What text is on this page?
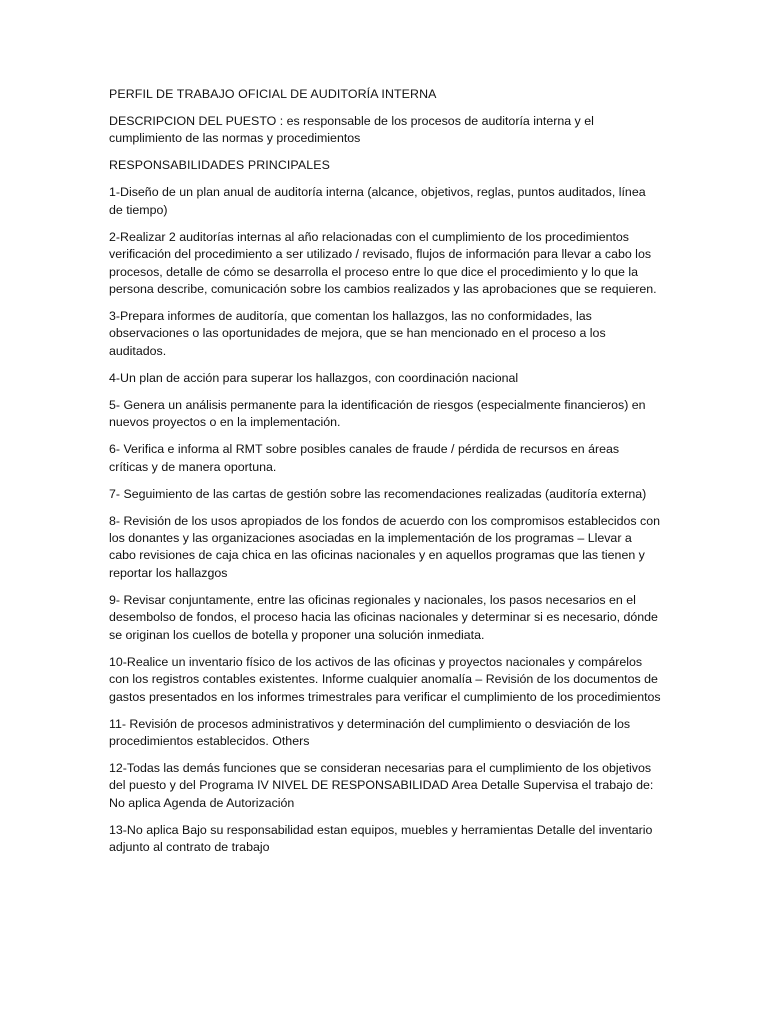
PERFIL DE TRABAJO OFICIAL DE AUDITORÍA INTERNA

DESCRIPCION DEL PUESTO : es responsable de los procesos de auditoría interna y el cumplimiento de las normas y procedimientos

RESPONSABILIDADES PRINCIPALES

1-Diseño de un plan anual de auditoría interna (alcance, objetivos, reglas, puntos auditados, línea de tiempo)

2-Realizar 2 auditorías internas al año relacionadas con el cumplimiento de los procedimientos verificación del procedimiento a ser utilizado / revisado, flujos de información para llevar a cabo los procesos, detalle de cómo se desarrolla el proceso entre lo que dice el procedimiento y lo que la persona describe, comunicación sobre los cambios realizados y las aprobaciones que se requieren.

3-Prepara informes de auditoría, que comentan los hallazgos, las no conformidades, las observaciones o las oportunidades de mejora, que se han mencionado en el proceso a los auditados.

4-Un plan de acción para superar los hallazgos, con coordinación nacional

5- Genera un análisis permanente para la identificación de riesgos (especialmente financieros) en nuevos proyectos o en la implementación.

6- Verifica e informa al RMT sobre posibles canales de fraude / pérdida de recursos en áreas críticas y de manera oportuna.

7- Seguimiento de las cartas de gestión sobre las recomendaciones realizadas (auditoría externa)

8- Revisión de los usos apropiados de los fondos de acuerdo con los compromisos establecidos con los donantes y las organizaciones asociadas en la implementación de los programas – Llevar a cabo revisiones de caja chica en las oficinas nacionales y en aquellos programas que las tienen y reportar los hallazgos

9- Revisar conjuntamente, entre las oficinas regionales y nacionales, los pasos necesarios en el desembolso de fondos, el proceso hacia las oficinas nacionales y determinar si es necesario, dónde se originan los cuellos de botella y proponer una solución inmediata.

10-Realice un inventario físico de los activos de las oficinas y proyectos nacionales y compárelos con los registros contables existentes. Informe cualquier anomalía – Revisión de los documentos de gastos presentados en los informes trimestrales para verificar el cumplimiento de los procedimientos

11- Revisión de procesos administrativos y determinación del cumplimiento o desviación de los procedimientos establecidos. Others

12-Todas las demás funciones que se consideran necesarias para el cumplimiento de los objetivos del puesto y del Programa IV NIVEL DE RESPONSABILIDAD Area Detalle Supervisa el trabajo de: No aplica Agenda de Autorización

13-No aplica Bajo su responsabilidad estan equipos, muebles y herramientas Detalle del inventario adjunto al contrato de trabajo
